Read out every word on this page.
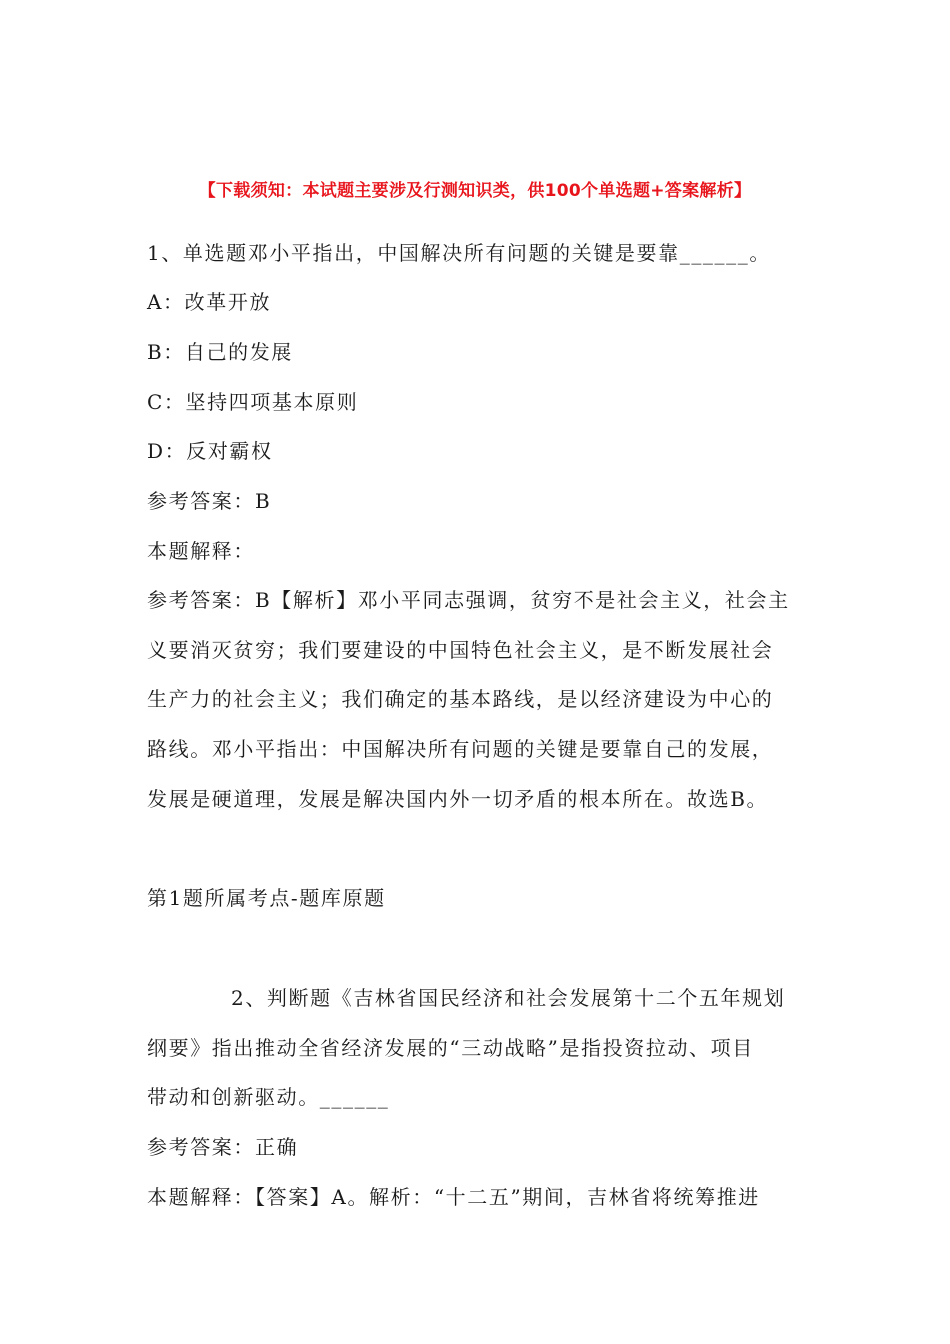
【下载须知：本试题主要涉及行测知识类，供100个单选题+答案解析】
1、单选题邓小平指出，中国解决所有问题的关键是要靠______。
A：改革开放
B：自己的发展
C：坚持四项基本原则
D：反对霸权
参考答案：B
本题解释：
参考答案：B【解析】邓小平同志强调，贫穷不是社会主义，社会主
义要消灭贫穷；我们要建设的中国特色社会主义，是不断发展社会
生产力的社会主义；我们确定的基本路线，是以经济建设为中心的
路线。邓小平指出：中国解决所有问题的关键是要靠自己的发展，
发展是硬道理，发展是解决国内外一切矛盾的根本所在。故选B。
第1题所属考点-题库原题
2、判断题《吉林省国民经济和社会发展第十二个五年规划
纲要》指出推动全省经济发展的“三动战略”是指投资拉动、项目
带动和创新驱动。______
参考答案：正确
本题解释：【答案】A。解析：“十二五”期间，吉林省将统筹推进
